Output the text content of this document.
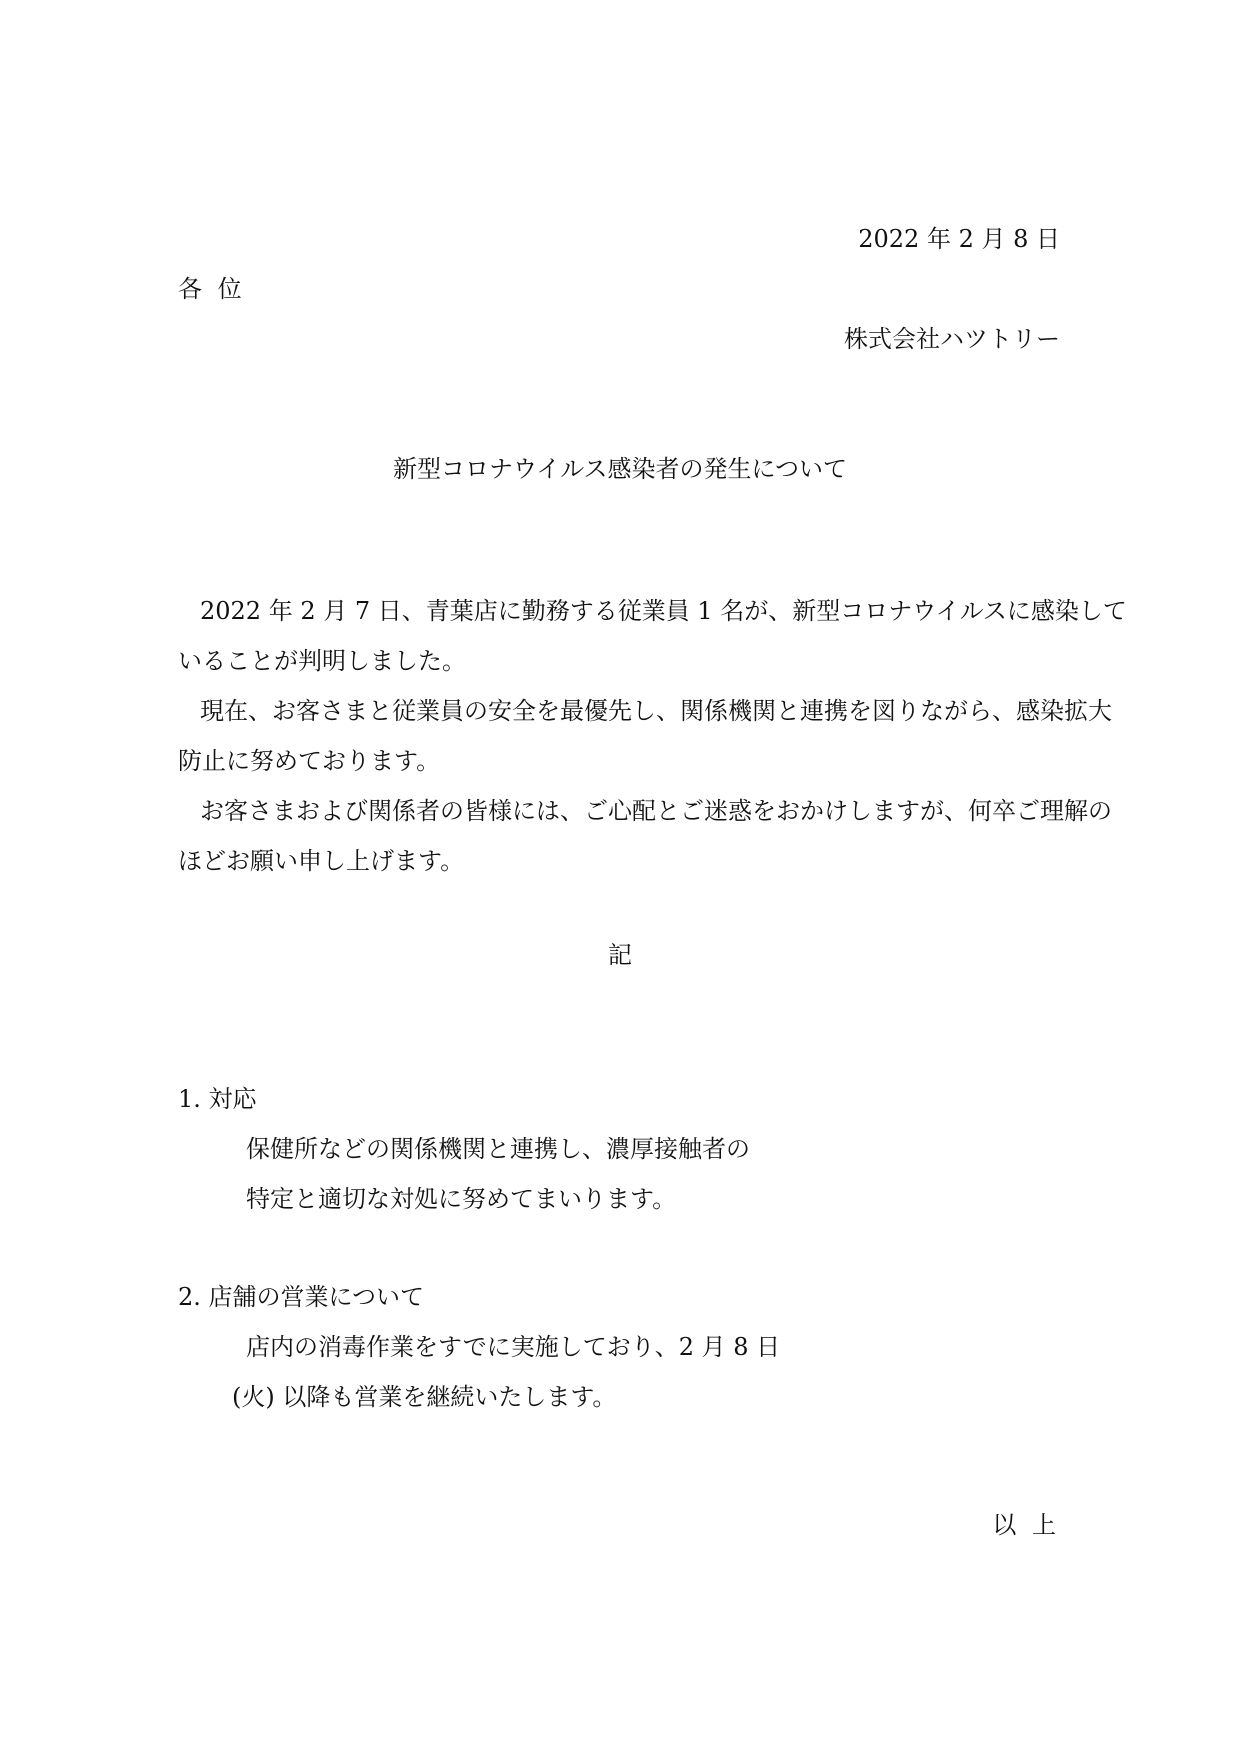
2022 年 2 月 8 日
各 位
株式会社ハツトリー
新型コロナウイルス感染者の発生について
2022 年 2 月 7 日、青葉店に勤務する従業員 1 名が、新型コロナウイルスに感染して
いることが判明しました。
現在、お客さまと従業員の安全を最優先し、関係機関と連携を図りながら、感染拡大
防止に努めております。
お客さまおよび関係者の皆様には、ご心配とご迷惑をおかけしますが、何卒ご理解の
ほどお願い申し上げます。
記
1. 対応
保健所などの関係機関と連携し、濃厚接触者の
特定と適切な対処に努めてまいります。
2. 店舗の営業について
店内の消毒作業をすでに実施しており、2 月 8 日
(火) 以降も営業を継続いたします。
以 上
